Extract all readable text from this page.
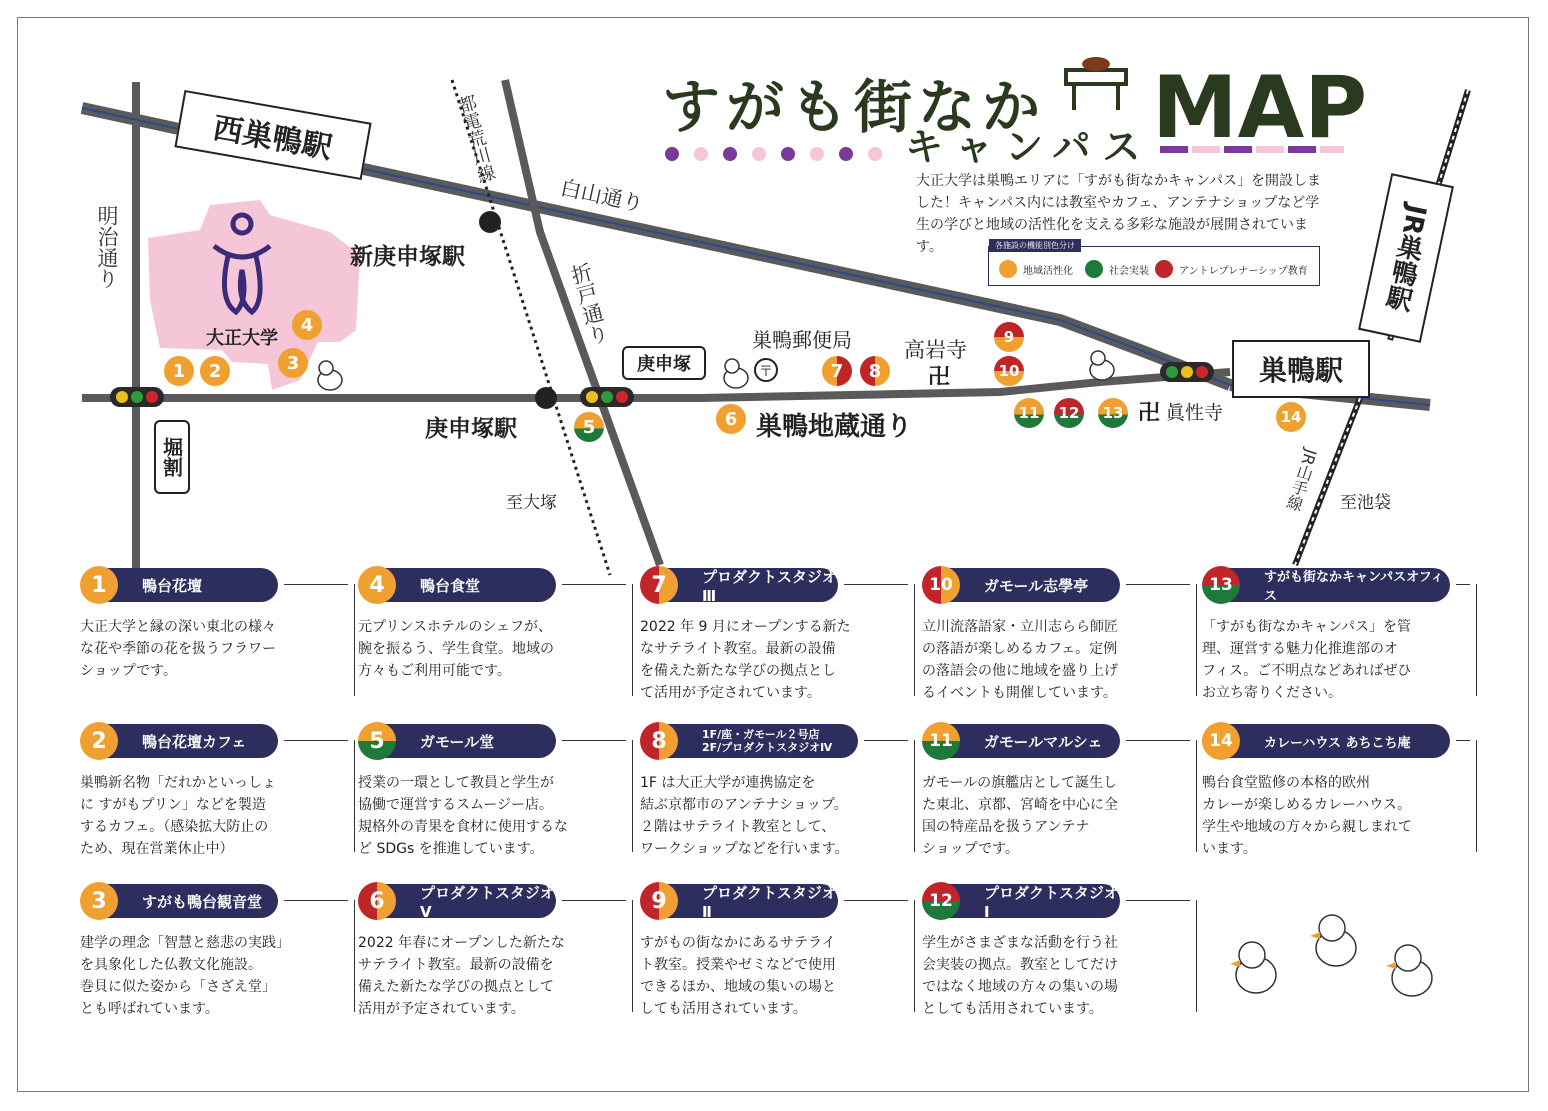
〒	卍
卍
すがも街なか
キャンパス MAP
大正大学は巣鴨エリアに「すがも街なかキャンパス」を開設しました！キャンパス内には教室やカフェ、アンテナショップなど学生の学びと地域の活性化を支える多彩な施設が展開されています。	各施設の機能別色分け
地域活性化	社会実装	アントレプレナーシップ教育
西巣鴨駅
新庚申塚駅
庚申塚駅
巣鴨駅
JR巣鴨駅
庚申塚
堀割
明治通り
白山通り
折戸通り
都電荒川線
巣鴨地蔵通り
JR山手線
大正大学	巣鴨郵便局 高岩寺
眞性寺
至大塚	至池袋
1	2	3
4
5	6
7	8
9
10
11	12	13	14
鴨台花壇
1
大正大学と縁の深い東北の様々
な花や季節の花を扱うフラワー
ショップです。
鴨台花壇カフェ
2
巣鴨新名物「だれかといっしょ
に すがもプリン」などを製造
するカフェ。（感染拡大防止の
ため、現在営業休止中）
すがも鴨台観音堂
3
建学の理念「智慧と慈悲の実践」
を具象化した仏教文化施設。
巻貝に似た姿から「さざえ堂」
とも呼ばれています。
鴨台食堂
4
元プリンスホテルのシェフが、
腕を振るう、学生食堂。地域の
方々もご利用可能です。
ガモール堂
5
授業の一環として教員と学生が
協働で運営するスムージー店。
規格外の青果を食材に使用するな
ど SDGs を推進しています。
プロダクトスタジオⅤ
6
2022 年春にオープンした新たな
サテライト教室。最新の設備を
備えた新たな学びの拠点として
活用が予定されています。
プロダクトスタジオⅢ
7
2022 年 9 月にオープンする新た
なサテライト教室。最新の設備
を備えた新たな学びの拠点とし
て活用が予定されています。
1F/座・ガモール２号店
2F/プロダクトスタジオⅣ
8
1F は大正大学が連携協定を
結ぶ京都市のアンテナショップ。
２階はサテライト教室として、
ワークショップなどを行います。
プロダクトスタジオⅡ
9
すがもの街なかにあるサテライ
ト教室。授業やゼミなどで使用
できるほか、地域の集いの場と
しても活用されています。
ガモール志學亭
10
立川流落語家・立川志らら師匠
の落語が楽しめるカフェ。定例
の落語会の他に地域を盛り上げ
るイベントも開催しています。
ガモールマルシェ
11
ガモールの旗艦店として誕生し
た東北、京都、宮崎を中心に全
国の特産品を扱うアンテナ
ショップです。
プロダクトスタジオⅠ
12
学生がさまざまな活動を行う社
会実装の拠点。教室としてだけ
ではなく地域の方々の集いの場
としても活用されています。
すがも街なかキャンパスオフィス
13
「すがも街なかキャンパス」を管
理、運営する魅力化推進部のオ
フィス。ご不明点などあればぜひ
お立ち寄りください。
カレーハウス あちこち庵
14
鴨台食堂監修の本格的欧州
カレーが楽しめるカレーハウス。
学生や地域の方々から親しまれて
います。
